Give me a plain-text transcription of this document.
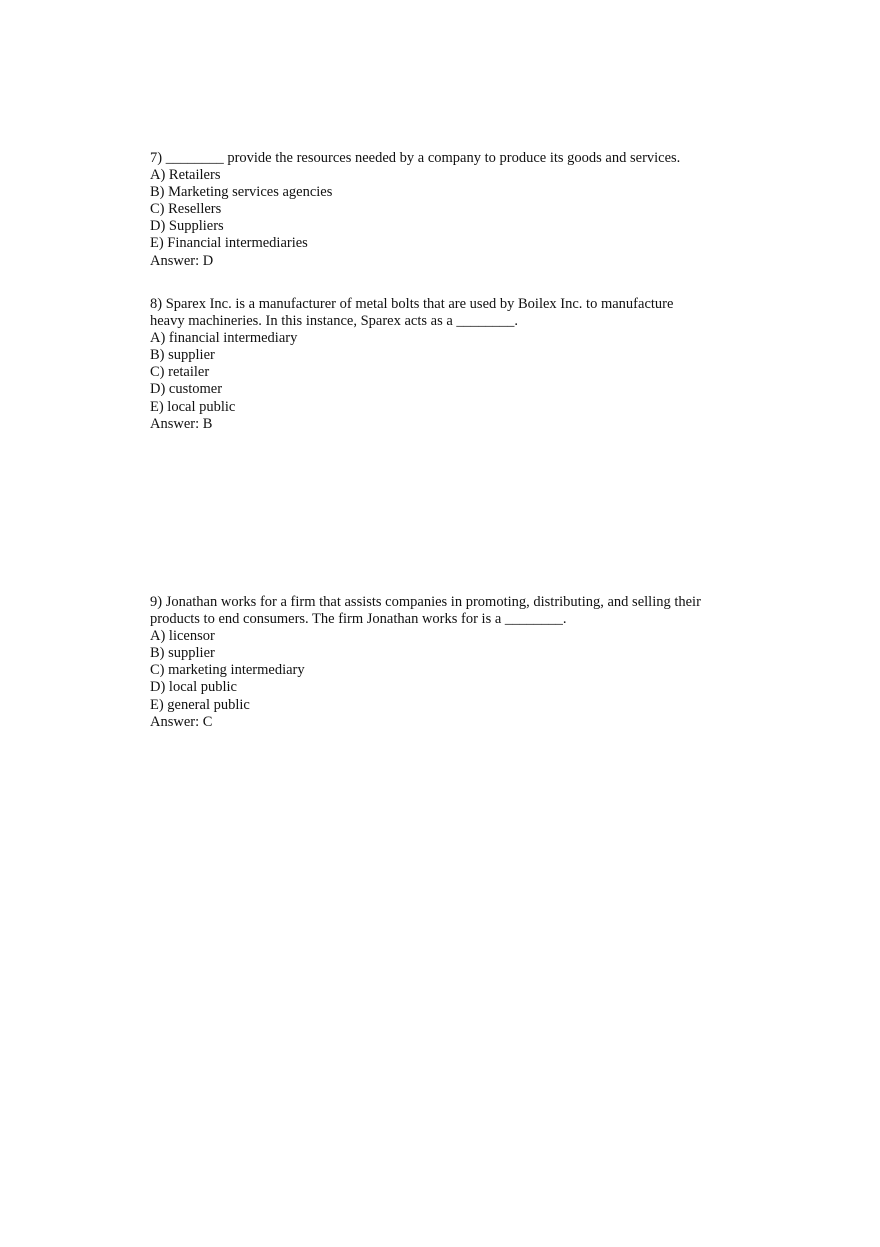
7) ________ provide the resources needed by a company to produce its goods and services.
A) Retailers
B) Marketing services agencies
C) Resellers
D) Suppliers
E) Financial intermediaries
Answer: D
8) Sparex Inc. is a manufacturer of metal bolts that are used by Boilex Inc. to manufacture
heavy machineries. In this instance, Sparex acts as a ________.
A) financial intermediary
B) supplier
C) retailer
D) customer
E) local public
Answer: B
9) Jonathan works for a firm that assists companies in promoting, distributing, and selling their
products to end consumers. The firm Jonathan works for is a ________.
A) licensor
B) supplier
C) marketing intermediary
D) local public
E) general public
Answer: C
